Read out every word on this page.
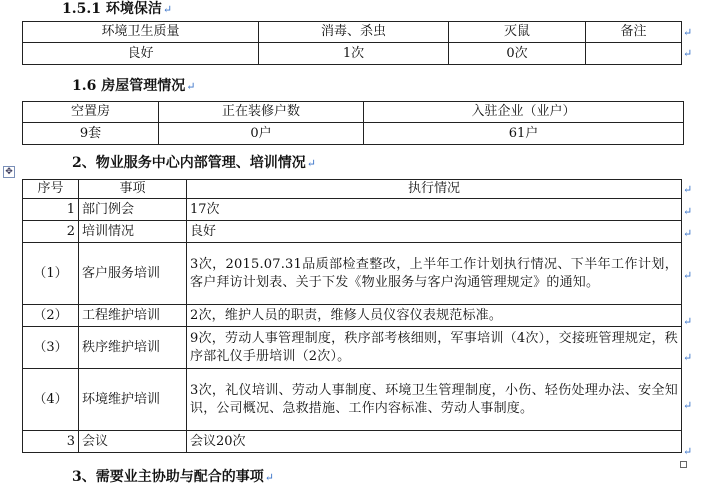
1.5.1 环境保洁↵
环境卫生质量	消毒、杀虫	灭鼠	备注
良好	1次	0次	
↵
↵
1.6 房屋管理情况↵
空置房	正在装修户数	入驻企业（业户）
9套	0户	61户
2、物业服务中心内部管理、培训情况↵
✥
序号	事项	执行情况
1	部门例会	17次
2	培训情况	良好
（1）	客户服务培训	3次，2015.07.31品质部检查整改，上半年工作计划执行情况、下半年工作计划，客户拜访计划表、关于下发《物业服务与客户沟通管理规定》的通知。
（2）	工程维护培训	2次，维护人员的职责，维修人员仪容仪表规范标准。
（3）	秩序维护培训	9次，劳动人事管理制度，秩序部考核细则，军事培训（4次），交接班管理规定，秩序部礼仪手册培训（2次）。
（4）	环境维护培训	3次，礼仪培训、劳动人事制度、环境卫生管理制度，小伤、轻伤处理办法、安全知识，公司概况、急救措施、工作内容标准、劳动人事制度。
3	会议	会议20次
↵
↵
↵
↵
↵
↵
↵
↵
3、需要业主协助与配合的事项↵
